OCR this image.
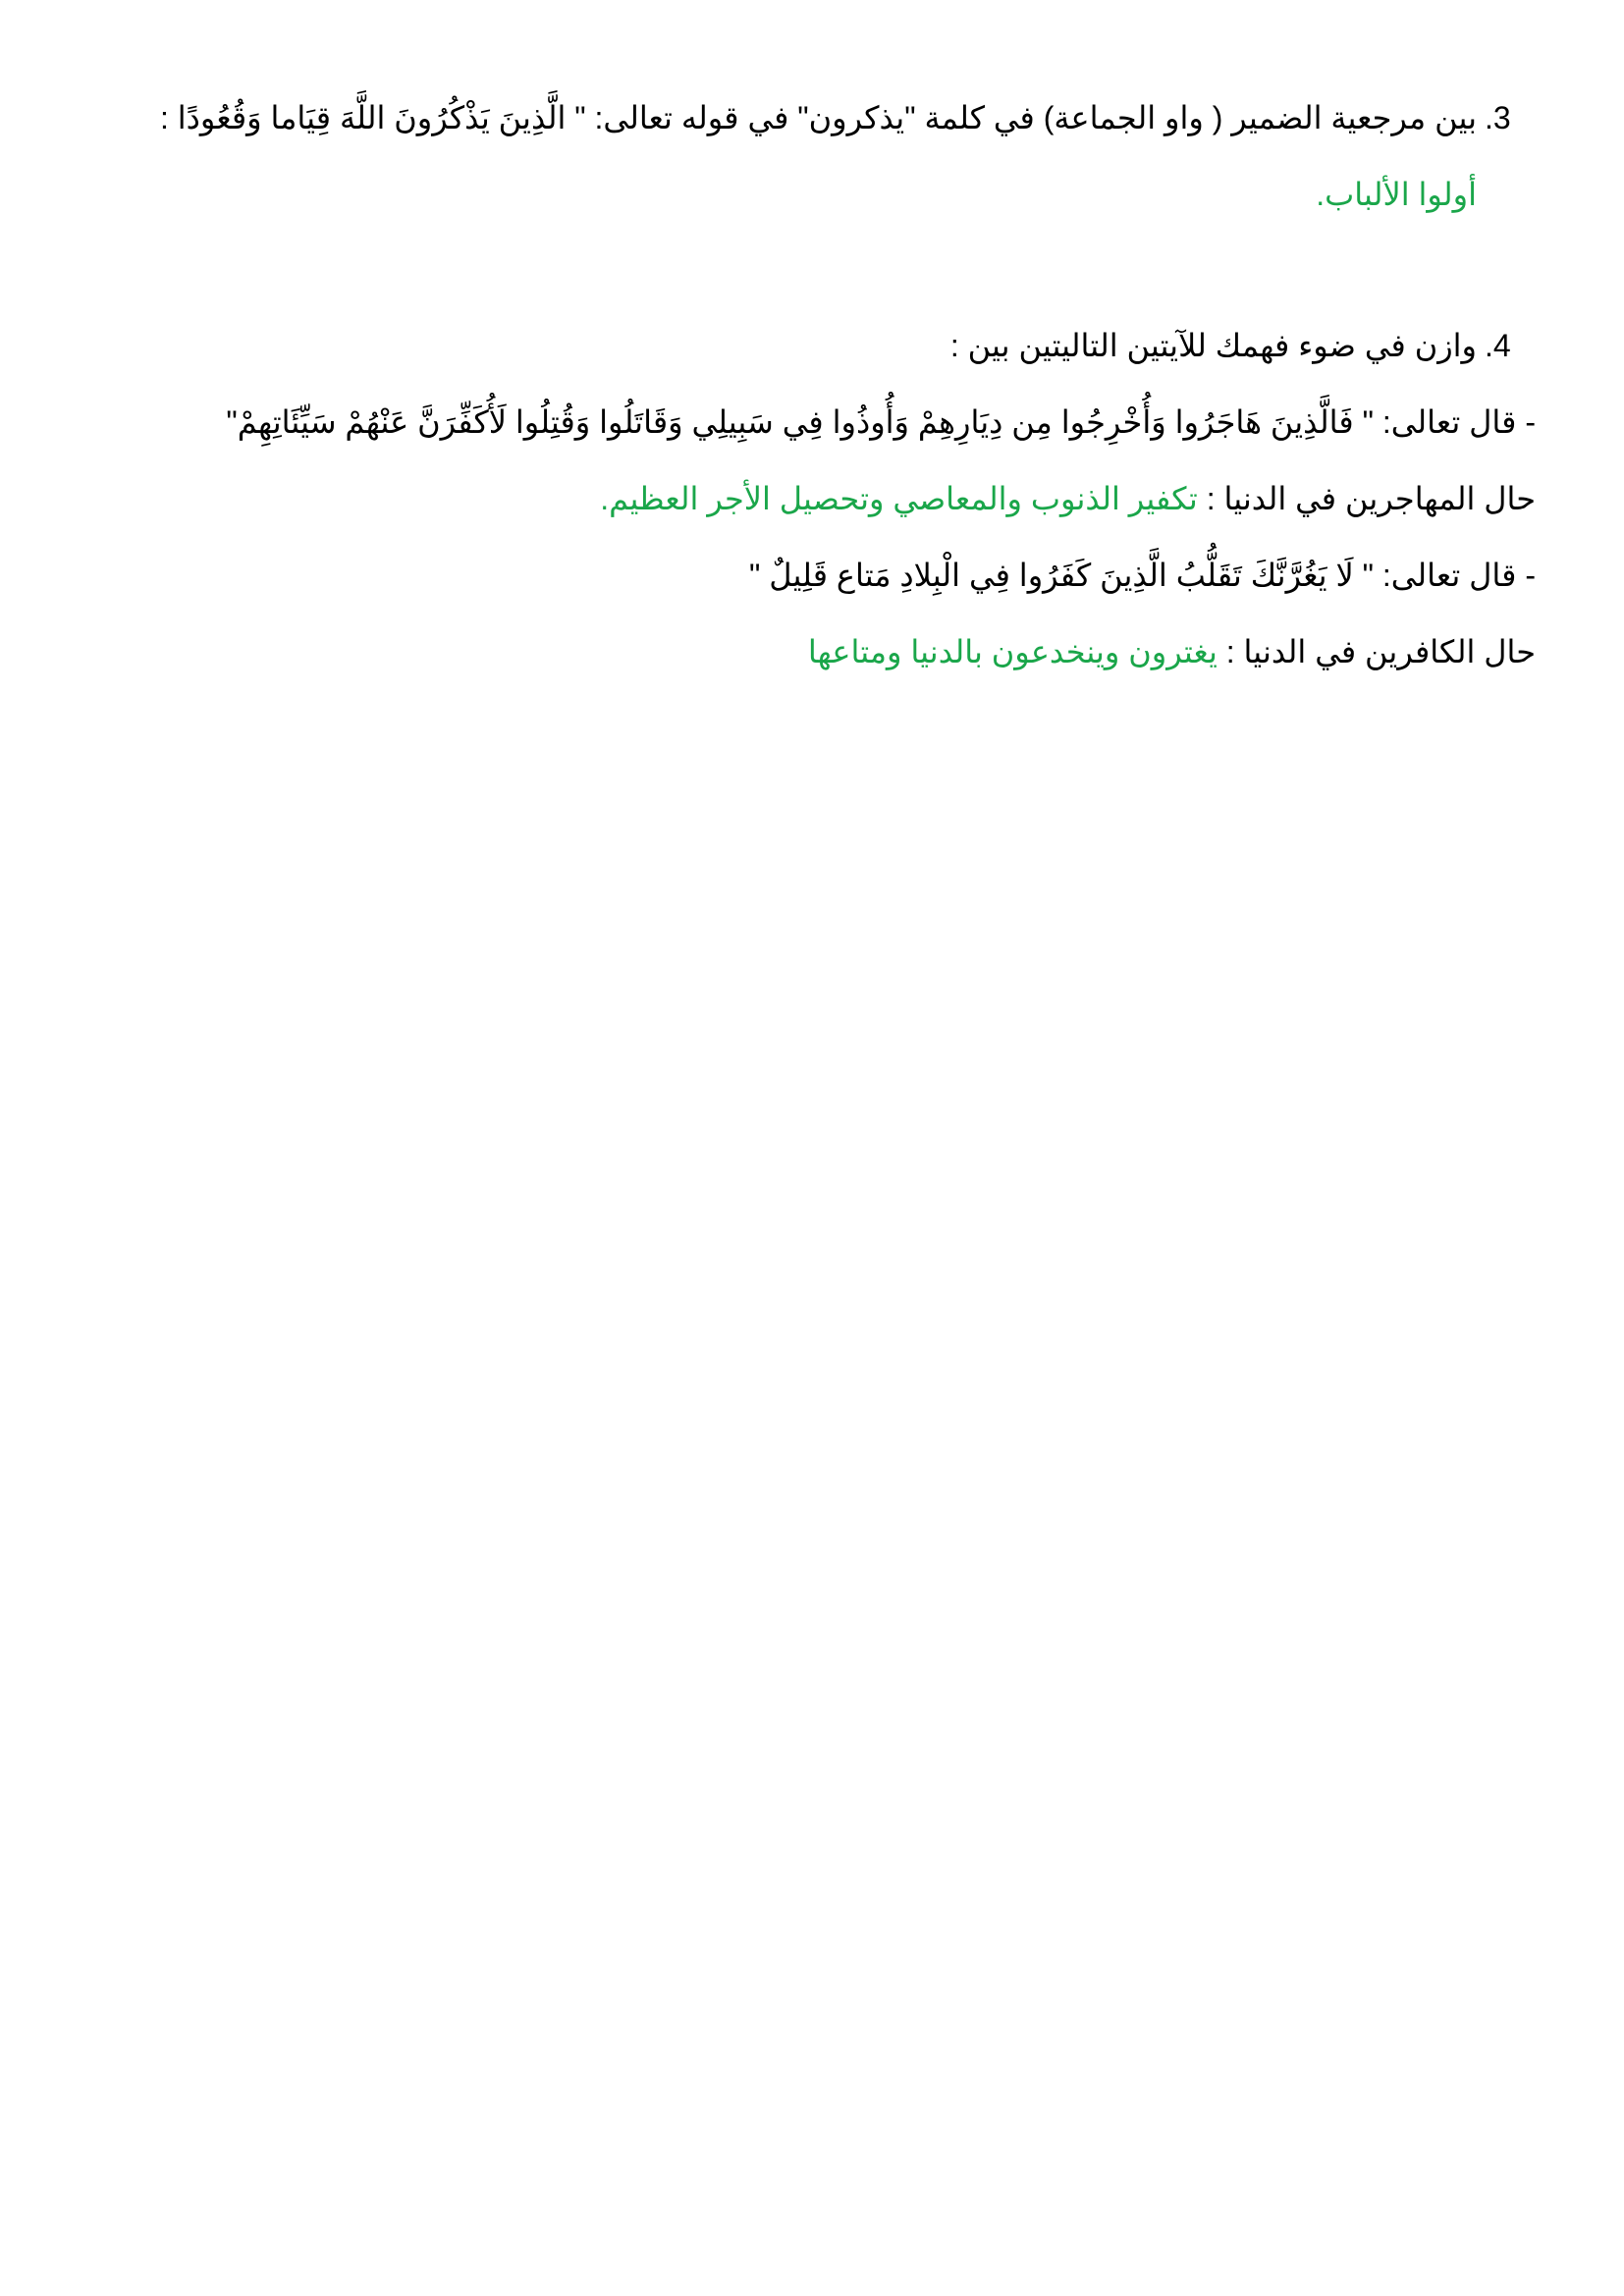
.3
بين مرجعية الضمير ( واو الجماعة) في كلمة "يذكرون" في قوله تعالى: " الَّذِينَ يَذْكُرُونَ اللَّهَ قِيَاما وَقُعُودًا :
أولوا الألباب.
.4
وازن في ضوء فهمك للآيتين التاليتين بين :
- قال تعالى: " فَالَّذِينَ هَاجَرُوا وَأُخْرِجُوا مِن دِيَارِهِمْ وَأُوذُوا فِي سَبِيلِي وَقَاتَلُوا وَقُتِلُوا لَأُكَفِّرَنَّ عَنْهُمْ سَيِّئَاتِهِمْ"
حال المهاجرين في الدنيا : تكفير الذنوب والمعاصي وتحصيل الأجر العظيم.
- قال تعالى: " لَا يَغُرَّنَّكَ تَقَلُّبُ الَّذِينَ كَفَرُوا فِي الْبِلادِ مَتاع قَلِيلٌ "
حال الكافرين في الدنيا : يغترون وينخدعون بالدنيا ومتاعها
